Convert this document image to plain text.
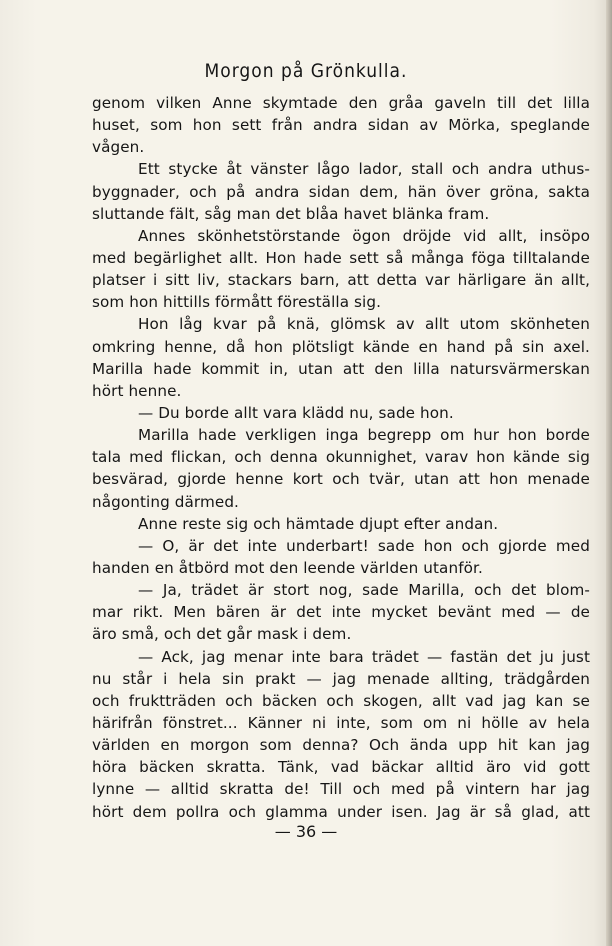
Morgon på Grönkulla.
genom vilken Anne skymtade den gråa gaveln till det lilla
huset, som hon sett från andra sidan av Mörka, speglande
vågen.
Ett stycke åt vänster lågo lador, stall och andra uthus-
byggnader, och på andra sidan dem, hän över gröna, sakta
sluttande fält, såg man det blåa havet blänka fram.
Annes skönhetstörstande ögon dröjde vid allt, insöpo
med begärlighet allt. Hon hade sett så många föga tilltalande
platser i sitt liv, stackars barn, att detta var härligare än allt,
som hon hittills förmått föreställa sig.
Hon låg kvar på knä, glömsk av allt utom skönheten
omkring henne, då hon plötsligt kände en hand på sin axel.
Marilla hade kommit in, utan att den lilla natursvärmerskan
hört henne.
— Du borde allt vara klädd nu, sade hon.
Marilla hade verkligen inga begrepp om hur hon borde
tala med flickan, och denna okunnighet, varav hon kände sig
besvärad, gjorde henne kort och tvär, utan att hon menade
någonting därmed.
Anne reste sig och hämtade djupt efter andan.
— O, är det inte underbart! sade hon och gjorde med
handen en åtbörd mot den leende världen utanför.
— Ja, trädet är stort nog, sade Marilla, och det blom-
mar rikt. Men bären är det inte mycket bevänt med — de
äro små, och det går mask i dem.
— Ack, jag menar inte bara trädet — fastän det ju just
nu står i hela sin prakt — jag menade allting, trädgården
och fruktträden och bäcken och skogen, allt vad jag kan se
härifrån fönstret... Känner ni inte, som om ni hölle av hela
världen en morgon som denna? Och ända upp hit kan jag
höra bäcken skratta. Tänk, vad bäckar alltid äro vid gott
lynne — alltid skratta de! Till och med på vintern har jag
hört dem pollra och glamma under isen. Jag är så glad, att
— 36 —
